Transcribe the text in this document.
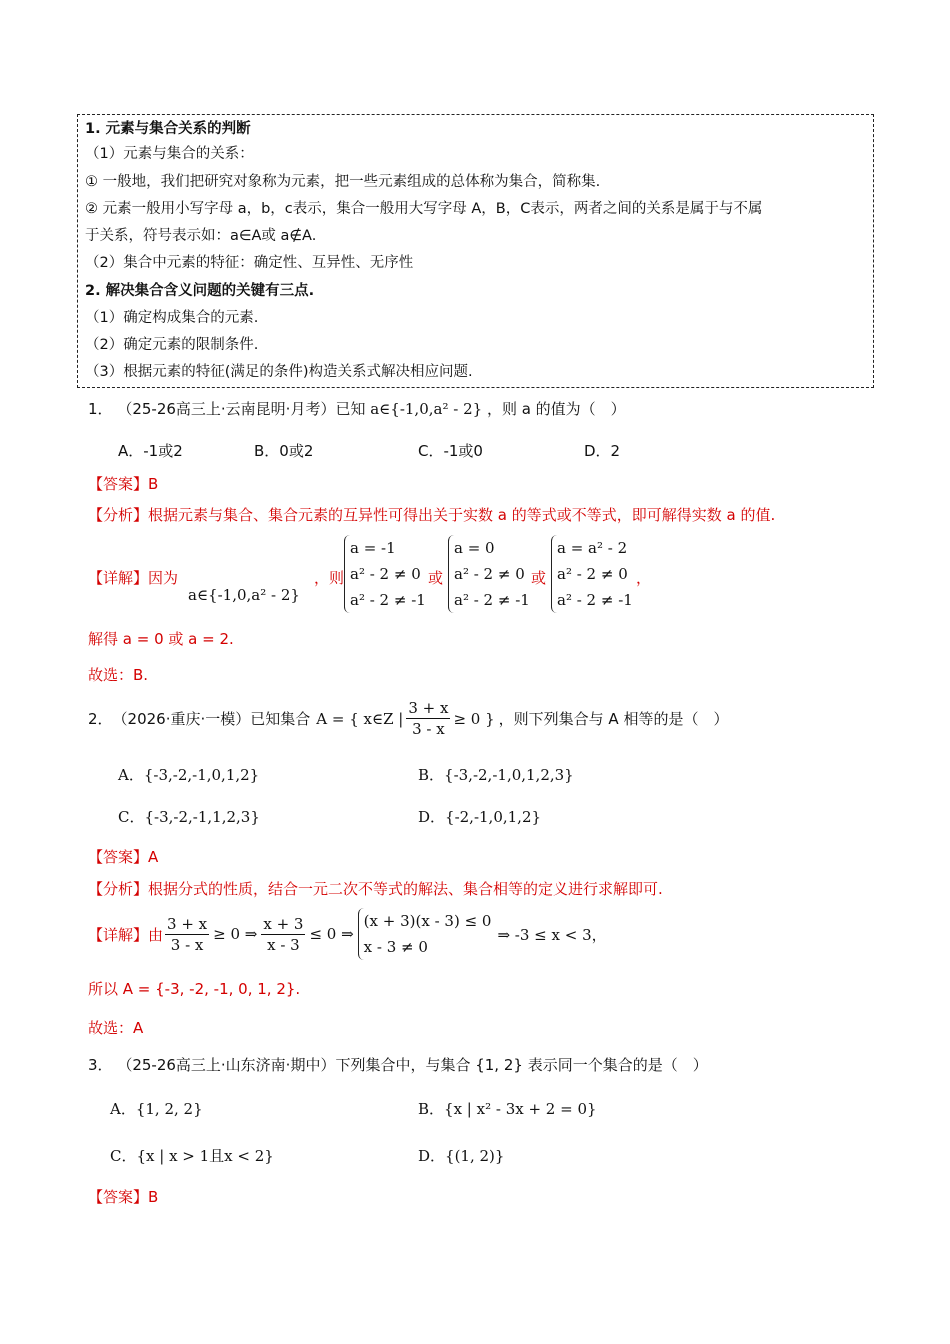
1. 元素与集合关系的判断
（1）元素与集合的关系：
① 一般地，我们把研究对象称为元素，把一些元素组成的总体称为集合，简称集.
② 元素一般用小写字母 a，b，c表示，集合一般用大写字母 A，B，C表示，两者之间的关系是属于与不属
于关系，符号表示如：a∈A或 a∉A.
（2）集合中元素的特征：确定性、互异性、无序性
2. 解决集合含义问题的关键有三点.
（1）确定构成集合的元素.
（2）确定元素的限制条件.
（3）根据元素的特征(满足的条件)构造关系式解决相应问题.
1． （25-26高三上·云南昆明·月考）已知 a∈{-1,0,a² - 2} ，则 a 的值为（　）
A．-1或2	B．0或2	C．-1或0	D．2
【答案】B
【分析】根据元素与集合、集合元素的互异性可得出关于实数 a 的等式或不等式，即可解得实数 a 的值.
【详解】因为
a∈{-1,0,a² - 2}
，则
a = -1
a² - 2 ≠ 0
a² - 2 ≠ -1
或
a = 0
a² - 2 ≠ 0
a² - 2 ≠ -1
或
a = a² - 2
a² - 2 ≠ 0
a² - 2 ≠ -1
，
解得 a = 0 或 a = 2.
故选：B.
2． （2026·重庆·一模）已知集合 A = { x∈Z | $\frac{3 + x}{3 - x} \ge 0$ } ，则下列集合与 A 相等的是（　）
A．{-3,-2,-1,0,1,2}	B．{-3,-2,-1,0,1,2,3}
C．{-3,-2,-1,1,2,3}	D．{-2,-1,0,1,2}
【答案】A
【分析】根据分式的性质，结合一元二次不等式的解法、集合相等的定义进行求解即可.
【详解】由 $\frac{3 + x}{3 - x} \ge 0$ ⇒ $\frac{x + 3}{x - 3} \le 0$ ⇒
(x + 3)(x - 3) ≤ 0
x - 3 ≠ 0
⇒ -3 ≤ x < 3，
所以 A = {-3, -2, -1, 0, 1, 2}.
故选：A
3． （25-26高三上·山东济南·期中）下列集合中，与集合 {1, 2} 表示同一个集合的是（　）
A．{1, 2, 2}	B．{x | x² - 3x + 2 = 0}
C．{x | x > 1且x < 2}	D．{(1, 2)}
【答案】B
